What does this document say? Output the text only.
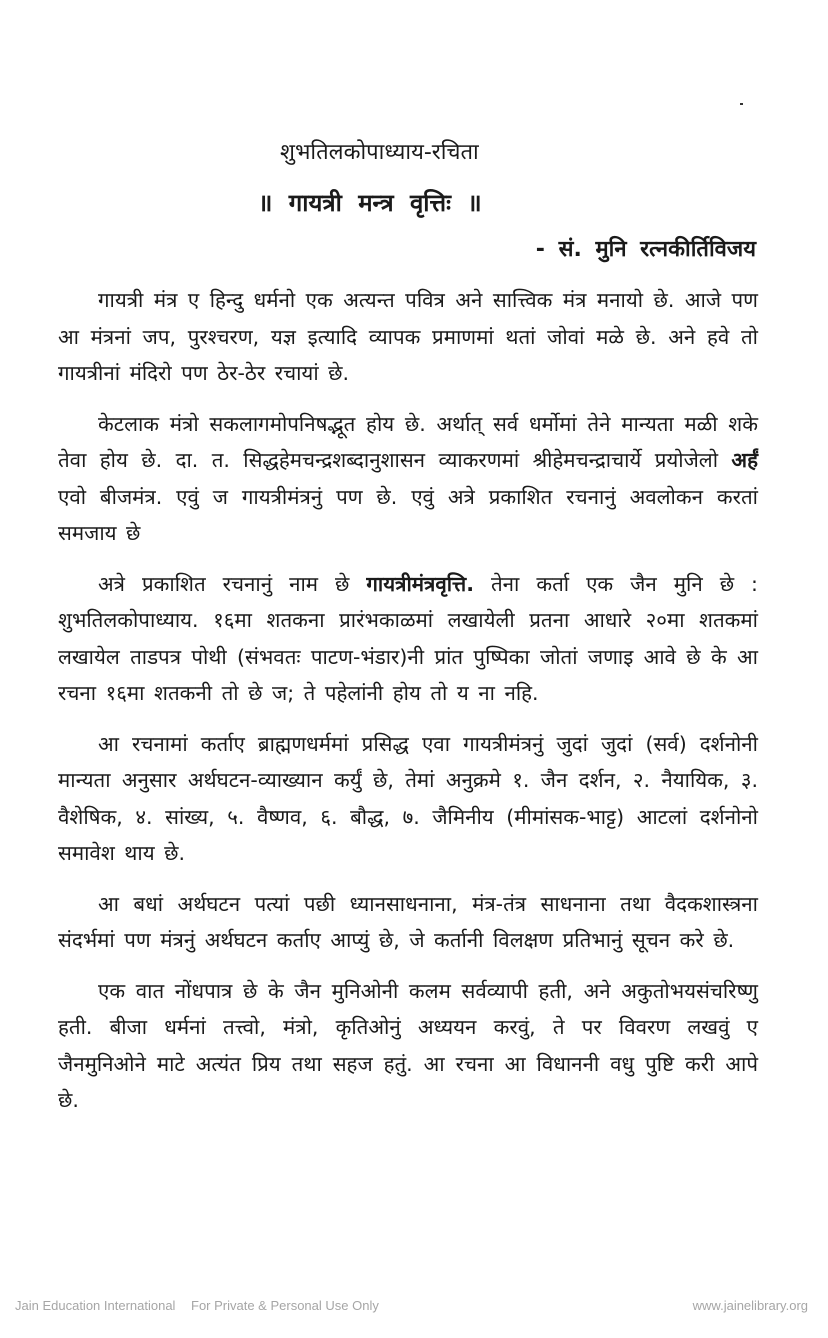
शुभतिलकोपाध्याय-रचिता
॥ गायत्री मन्त्र वृत्तिः ॥
- सं. मुनि रत्नकीर्तिविजय

गायत्री मंत्र ए हिन्दु धर्मनो एक अत्यन्त पवित्र अने सात्त्विक मंत्र मनायो छे. आजे पण आ मंत्रनां जप, पुरश्चरण, यज्ञ इत्यादि व्यापक प्रमाणमां थतां जोवां मळे छे. अने हवे तो गायत्रीनां मंदिरो पण ठेर-ठेर रचायां छे.

केटलाक मंत्रो सकलागमोपनिषद्भूत होय छे. अर्थात् सर्व धर्मोमां तेने मान्यता मळी शके तेवा होय छे. दा. त. सिद्धहेमचन्द्रशब्दानुशासन व्याकरणमां श्रीहेमचन्द्राचार्ये प्रयोजेलो अर्हं एवो बीजमंत्र. एवुं ज गायत्रीमंत्रनुं पण छे. एवुं अत्रे प्रकाशित रचनानुं अवलोकन करतां समजाय छे

अत्रे प्रकाशित रचनानुं नाम छे गायत्रीमंत्रवृत्ति. तेना कर्ता एक जैन मुनि छे : शुभतिलकोपाध्याय. १६मा शतकना प्रारंभकाळमां लखायेली प्रतना आधारे २०मा शतकमां लखायेल ताडपत्र पोथी (संभवतः पाटण-भंडार)नी प्रांत पुष्पिका जोतां जणाइ आवे छे के आ रचना १६मा शतकनी तो छे ज; ते पहेलांनी होय तो य ना नहि.

आ रचनामां कर्ताए ब्राह्मणधर्ममां प्रसिद्ध एवा गायत्रीमंत्रनुं जुदां जुदां (सर्व) दर्शनोनी मान्यता अनुसार अर्थघटन-व्याख्यान कर्युं छे, तेमां अनुक्रमे १. जैन दर्शन, २. नैयायिक, ३. वैशेषिक, ४. सांख्य, ५. वैष्णव, ६. बौद्ध, ७. जैमिनीय (मीमांसक-भाट्ट) आटलां दर्शनोनो समावेश थाय छे.

आ बधां अर्थघटन पत्यां पछी ध्यानसाधनाना, मंत्र-तंत्र साधनाना तथा वैदकशास्त्रना संदर्भमां पण मंत्रनुं अर्थघटन कर्ताए आप्युं छे, जे कर्तानी विलक्षण प्रतिभानुं सूचन करे छे.

एक वात नोंधपात्र छे के जैन मुनिओनी कलम सर्वव्यापी हती, अने अकुतोभयसंचरिष्णु हती. बीजा धर्मनां तत्त्वो, मंत्रो, कृतिओनुं अध्ययन करवुं, ते पर विवरण लखवुं ए जैनमुनिओने माटे अत्यंत प्रिय तथा सहज हतुं. आ रचना आ विधाननी वधु पुष्टि करी आपे छे.

Jain Education International For Private & Personal Use Only	www.jainelibrary.org
